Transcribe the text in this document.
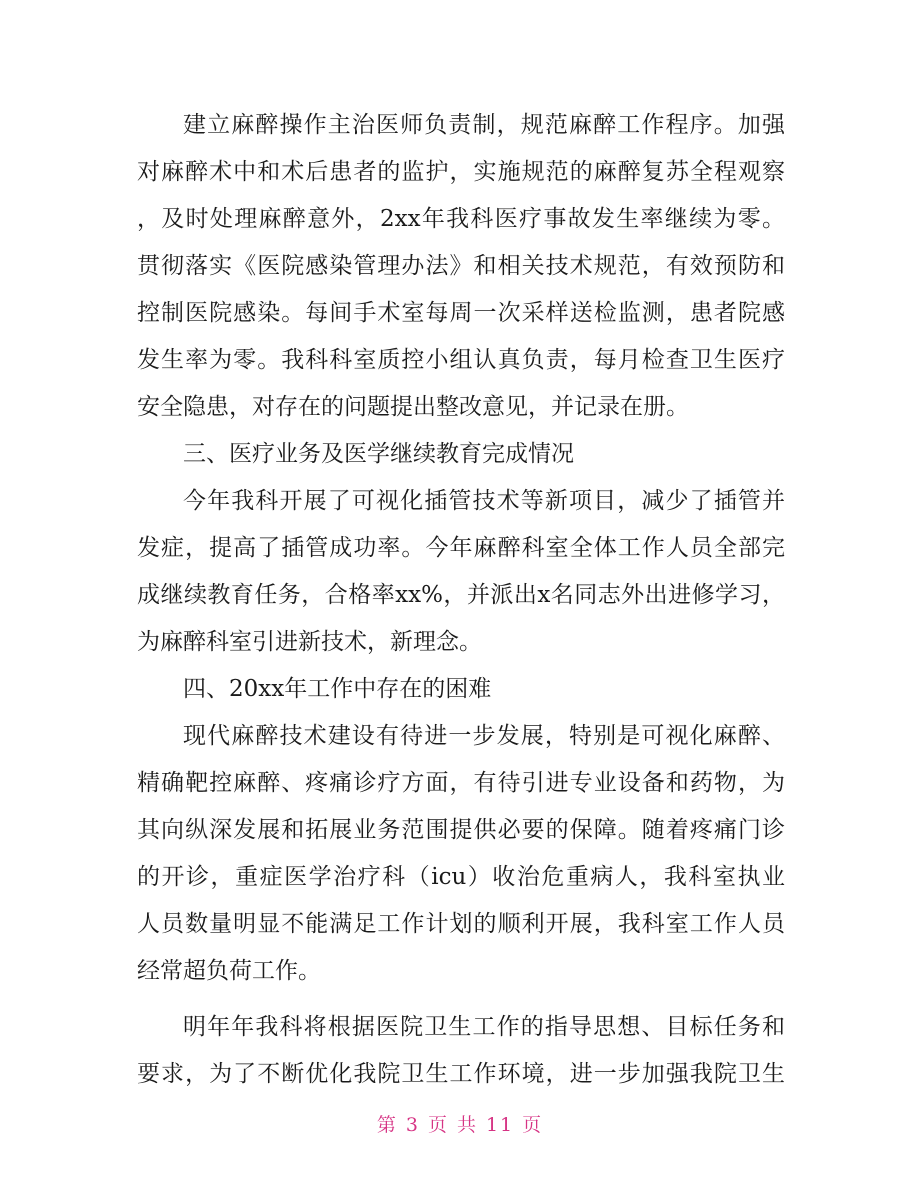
建立麻醉操作主治医师负责制，规范麻醉工作程序。加强
对麻醉术中和术后患者的监护，实施规范的麻醉复苏全程观察
，及时处理麻醉意外，2xx年我科医疗事故发生率继续为零。
贯彻落实《医院感染管理办法》和相关技术规范，有效预防和
控制医院感染。每间手术室每周一次采样送检监测，患者院感
发生率为零。我科科室质控小组认真负责，每月检查卫生医疗
安全隐患，对存在的问题提出整改意见，并记录在册。
三、医疗业务及医学继续教育完成情况
今年我科开展了可视化插管技术等新项目，减少了插管并
发症，提高了插管成功率。今年麻醉科室全体工作人员全部完
成继续教育任务，合格率xx%，并派出x名同志外出进修学习，
为麻醉科室引进新技术，新理念。
四、20xx年工作中存在的困难
现代麻醉技术建设有待进一步发展，特别是可视化麻醉、
精确靶控麻醉、疼痛诊疗方面，有待引进专业设备和药物，为
其向纵深发展和拓展业务范围提供必要的保障。随着疼痛门诊
的开诊，重症医学治疗科（icu）收治危重病人，我科室执业
人员数量明显不能满足工作计划的顺利开展，我科室工作人员
经常超负荷工作。
明年年我科将根据医院卫生工作的指导思想、目标任务和
要求，为了不断优化我院卫生工作环境，进一步加强我院卫生
第 3 页 共 11 页
